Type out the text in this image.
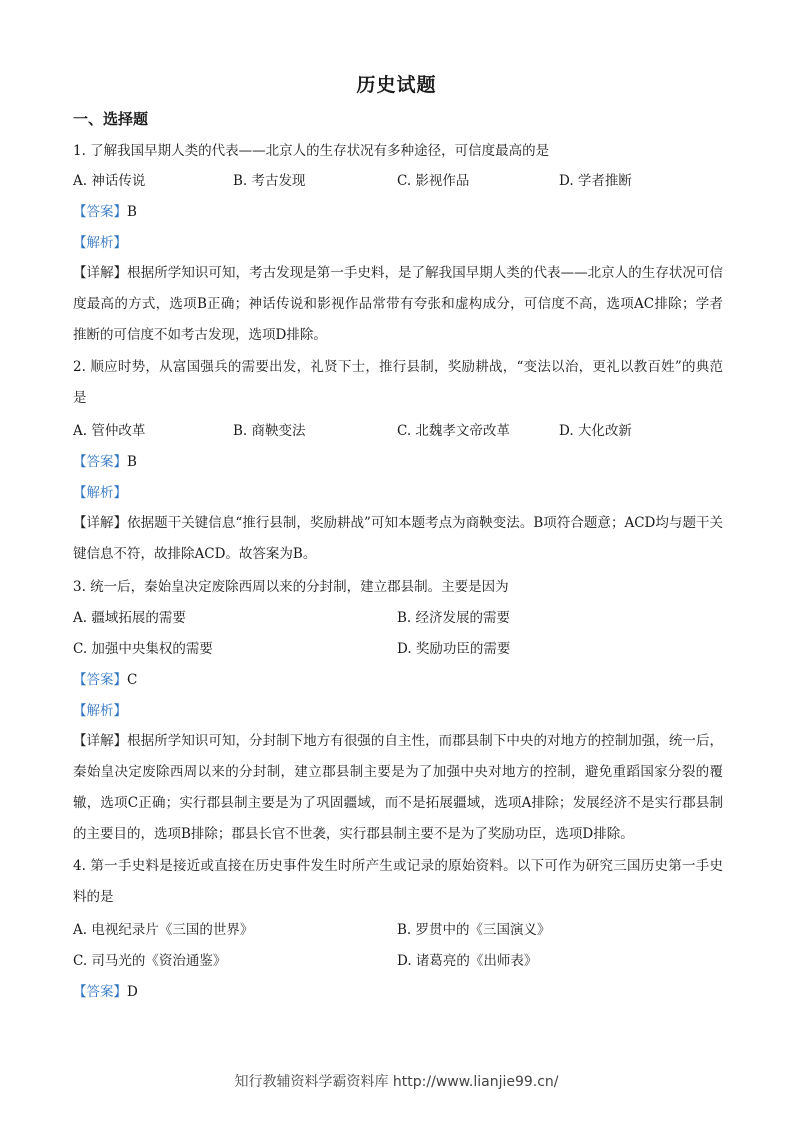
历史试题
一、选择题
1. 了解我国早期人类的代表——北京人的生存状况有多种途径，可信度最高的是
A. 神话传说	B. 考古发现	C. 影视作品	D. 学者推断
【答案】B
【解析】
【详解】根据所学知识可知，考古发现是第一手史料，是了解我国早期人类的代表——北京人的生存状况可信度最高的方式，选项B正确；神话传说和影视作品常带有夸张和虚构成分，可信度不高，选项AC排除；学者推断的可信度不如考古发现，选项D排除。
2. 顺应时势，从富国强兵的需要出发，礼贤下士，推行县制，奖励耕战，“变法以治，更礼以教百姓”的典范是
A. 管仲改革	B. 商鞅变法	C. 北魏孝文帝改革	D. 大化改新
【答案】B
【解析】
【详解】依据题干关键信息“推行县制，奖励耕战”可知本题考点为商鞅变法。B项符合题意；ACD均与题干关键信息不符，故排除ACD。故答案为B。
3. 统一后，秦始皇决定废除西周以来的分封制，建立郡县制。主要是因为
A. 疆域拓展的需要	B. 经济发展的需要
C. 加强中央集权的需要	D. 奖励功臣的需要
【答案】C
【解析】
【详解】根据所学知识可知，分封制下地方有很强的自主性，而郡县制下中央的对地方的控制加强，统一后，秦始皇决定废除西周以来的分封制，建立郡县制主要是为了加强中央对地方的控制，避免重蹈国家分裂的覆辙，选项C正确；实行郡县制主要是为了巩固疆域，而不是拓展疆域，选项A排除；发展经济不是实行郡县制的主要目的，选项B排除；郡县长官不世袭，实行郡县制主要不是为了奖励功臣，选项D排除。
4. 第一手史料是接近或直接在历史事件发生时所产生或记录的原始资料。以下可作为研究三国历史第一手史料的是
A. 电视纪录片《三国的世界》	B. 罗贯中的《三国演义》
C. 司马光的《资治通鉴》	D. 诸葛亮的《出师表》
【答案】D
知行教辅资料学霸资料库 http://www.lianjie99.cn/
